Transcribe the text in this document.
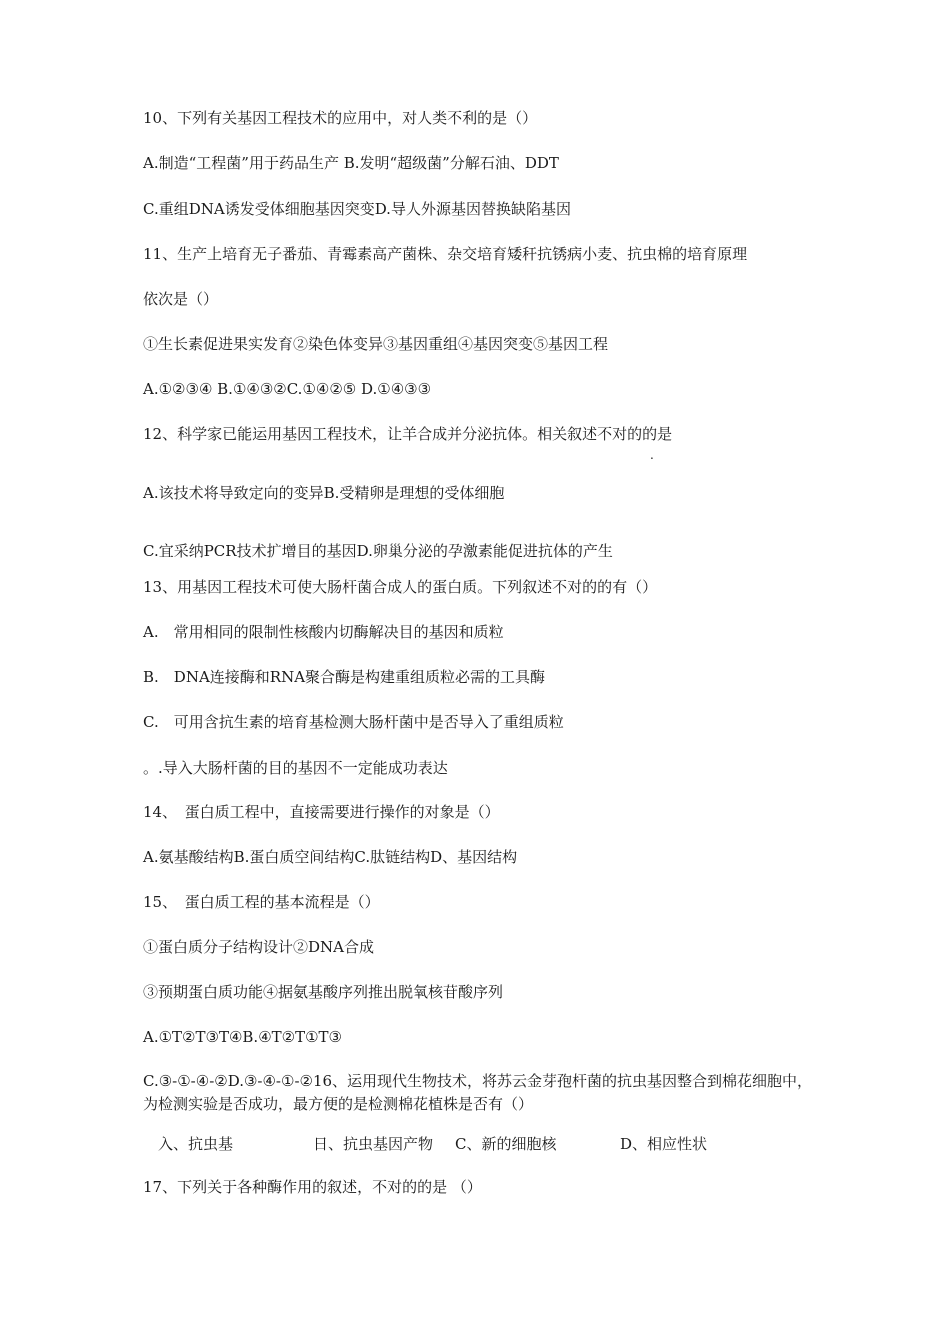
10、下列有关基因工程技术的应用中，对人类不利的是（）
A.制造“工程菌”用于药品生产 B.发明“超级菌”分解石油、DDT
C.重组DNA诱发受体细胞基因突变D.导人外源基因替换缺陷基因
11、生产上培育无子番茄、青霉素高产菌株、杂交培育矮秆抗锈病小麦、抗虫棉的培育原理
依次是（）
①生长素促进果实发育②染色体变异③基因重组④基因突变⑤基因工程
A.①②③④ B.①④③②C.①④②⑤ D.①④③③
12、科学家已能运用基因工程技术，让羊合成并分泌抗体。相关叙述不对的的是
.
A.该技术将导致定向的变异B.受精卵是理想的受体细胞
C.宜采纳PCR技术扩增目的基因D.卵巢分泌的孕激素能促进抗体的产生
13、用基因工程技术可使大肠杆菌合成人的蛋白质。下列叙述不对的的有（）
A.　常用相同的限制性核酸内切酶解决目的基因和质粒
B.　DNA连接酶和RNA聚合酶是构建重组质粒必需的工具酶
C.　可用含抗生素的培育基检测大肠杆菌中是否导入了重组质粒
。.导入大肠杆菌的目的基因不一定能成功表达
14、　蛋白质工程中，直接需要进行操作的对象是（）
A.氨基酸结构B.蛋白质空间结构C.肽链结构D、基因结构
15、　蛋白质工程的基本流程是（）
①蛋白质分子结构设计②DNA合成
③预期蛋白质功能④据氨基酸序列推出脱氧核苷酸序列
A.①T②T③T④B.④T②T①T③
C.③-①-④-②D.③-④-①-②16、运用现代生物技术，将苏云金芽孢杆菌的抗虫基因整合到棉花细胞中，为检测实验是否成功，最方便的是检测棉花植株是否有（）
入、抗虫基	日、抗虫基因产物 C、新的细胞核	D、相应性状
17、下列关于各种酶作用的叙述，不对的的是 （）
